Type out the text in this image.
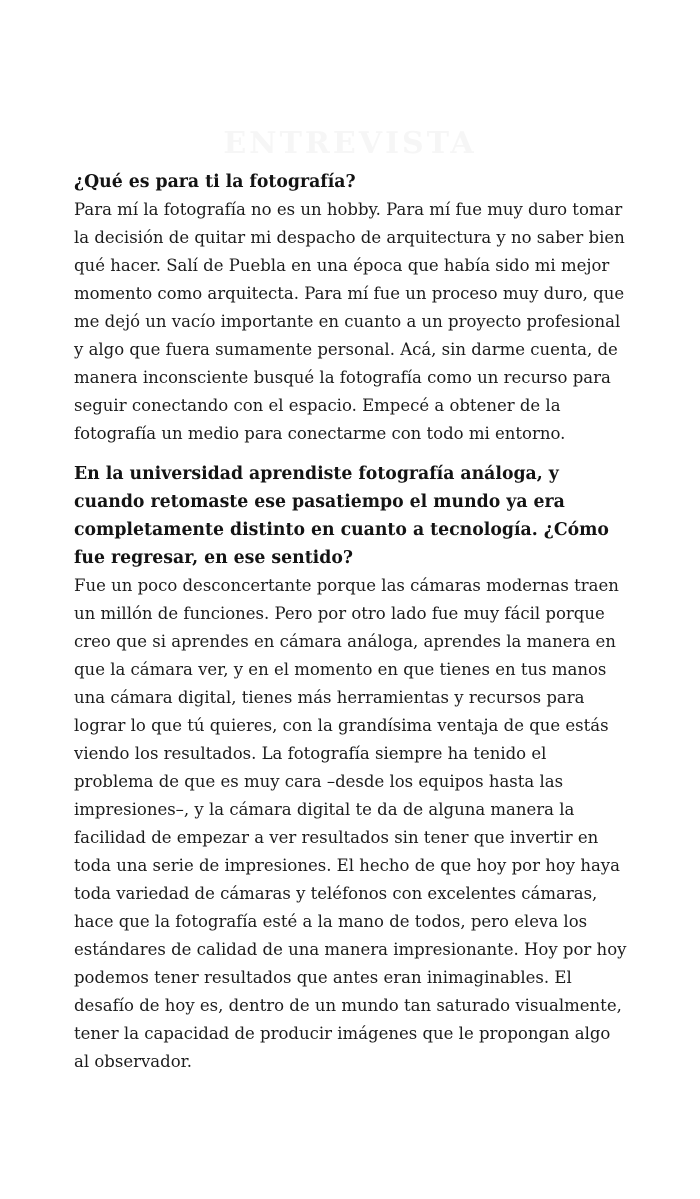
ENTREVISTA

¿Qué es para ti la fotografía?

Para mí la fotografía no es un hobby. Para mí fue muy duro tomar la decisión de quitar mi despacho de arquitectura y no saber bien qué hacer. Salí de Puebla en una época que había sido mi mejor momento como arquitecta. Para mí fue un proceso muy duro, que me dejó un vacío importante en cuanto a un proyecto profesional y algo que fuera sumamente personal. Acá, sin darme cuenta, de manera inconsciente busqué la fotografía como un recurso para seguir conectando con el espacio. Empecé a obtener de la fotografía un medio para conectarme con todo mi entorno.

En la universidad aprendiste fotografía análoga, y cuando retomaste ese pasatiempo el mundo ya era completamente distinto en cuanto a tecnología. ¿Cómo fue regresar, en ese sentido?

Fue un poco desconcertante porque las cámaras modernas traen un millón de funciones. Pero por otro lado fue muy fácil porque creo que si aprendes en cámara análoga, aprendes la manera en que la cámara ver, y en el momento en que tienes en tus manos una cámara digital, tienes más herramientas y recursos para lograr lo que tú quieres, con la grandísima ventaja de que estás viendo los resultados. La fotografía siempre ha tenido el problema de que es muy cara –desde los equipos hasta las impresiones–, y la cámara digital te da de alguna manera la facilidad de empezar a ver resultados sin tener que invertir en toda una serie de impresiones. El hecho de que hoy por hoy haya toda variedad de cámaras y teléfonos con excelentes cámaras, hace que la fotografía esté a la mano de todos, pero eleva los estándares de calidad de una manera impresionante. Hoy por hoy podemos tener resultados que antes eran inimaginables. El desafío de hoy es, dentro de un mundo tan saturado visualmente, tener la capacidad de producir imágenes que le propongan algo al observador.
